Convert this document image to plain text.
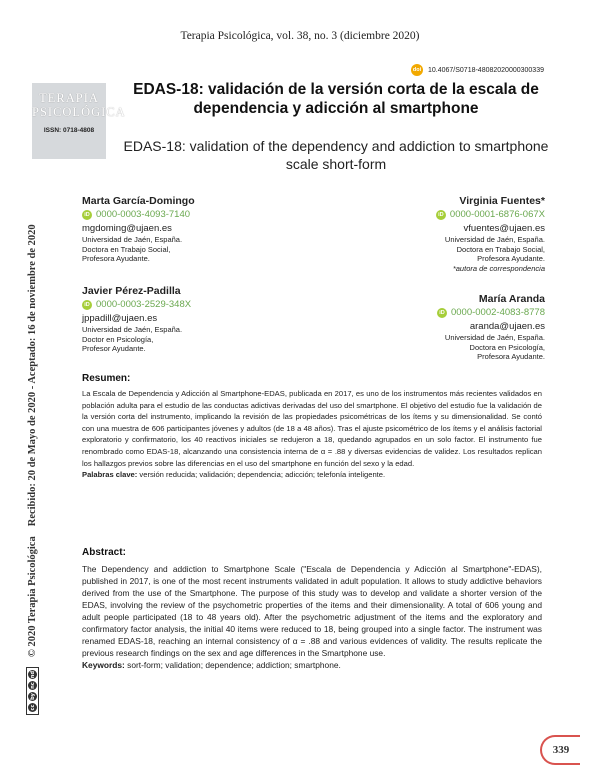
Terapia Psicológica, vol. 38, no. 3 (diciembre 2020)
doi 10.4067/S0718-48082020000300339
TERAPIA
PSICOLÓGICA
ISSN: 0718-4808
EDAS-18: validación de la versión corta de la escala de dependencia y adicción al smartphone
EDAS-18: validation of the dependency and addiction to smartphone scale short-form
cc
by
nc
nd
© 2020 Terapia Psicológica
Recibido: 20 de Mayo de 2020 - Aceptado: 16 de noviembre de 2020
Marta García-Domingo
iD 0000-0003-4093-7140
mgdoming@ujaen.es
Universidad de Jaén, España.
Doctora en Trabajo Social,
Profesora Ayudante.
Virginia Fuentes*
iD 0000-0001-6876-067X
vfuentes@ujaen.es
Universidad de Jaén, España.
Doctora en Trabajo Social,
Profesora Ayudante.
*autora de correspondencia
Javier Pérez-Padilla
iD 0000-0003-2529-348X
jppadill@ujaen.es
Universidad de Jaén, España.
Doctor en Psicología,
Profesor Ayudante.
María Aranda
iD 0000-0002-4083-8778
aranda@ujaen.es
Universidad de Jaén, España.
Doctora en Psicología,
Profesora Ayudante.
Resumen:
La Escala de Dependencia y Adicción al Smartphone-EDAS, publicada en 2017, es uno de los instrumentos más recientes validados en población adulta para el estudio de las conductas adictivas derivadas del uso del smartphone. El objetivo del estudio fue la validación de la versión corta del instrumento, implicando la revisión de las propiedades psicométricas de los ítems y su dimensionalidad. Se contó con una muestra de 606 participantes jóvenes y adultos (de 18 a 48 años). Tras el ajuste psicométrico de los ítems y el análisis factorial exploratorio y confirmatorio, los 40 reactivos iniciales se redujeron a 18, quedando agrupados en un solo factor. El instrumento fue renombrado como EDAS-18, alcanzando una consistencia interna de α = .88 y diversas evidencias de validez. Los resultados replican los hallazgos previos sobre las diferencias en el uso del smartphone en función del sexo y la edad.
Palabras clave: versión reducida; validación; dependencia; adicción; telefonía inteligente.
Abstract:
The Dependency and addiction to Smartphone Scale ("Escala de Dependencia y Adicción al Smartphone"-EDAS), published in 2017, is one of the most recent instruments validated in adult population. It allows to study addictive behaviors derived from the use of the Smartphone. The purpose of this study was to develop and validate a shorter version of the EDAS, involving the review of the psychometric properties of the items and their dimensionality. A total of 606 young and adult people participated (18 to 48 years old). After the psychometric adjustment of the items and the exploratory and confirmatory factor analysis, the initial 40 items were reduced to 18, being grouped into a single factor. The instrument was renamed EDAS-18, reaching an internal consistency of α = .88 and various evidences of validity. The results replicate the previous research findings on the sex and age differences in the Smartphone use.
Keywords: sort-form; validation; dependence; addiction; smartphone.
339
